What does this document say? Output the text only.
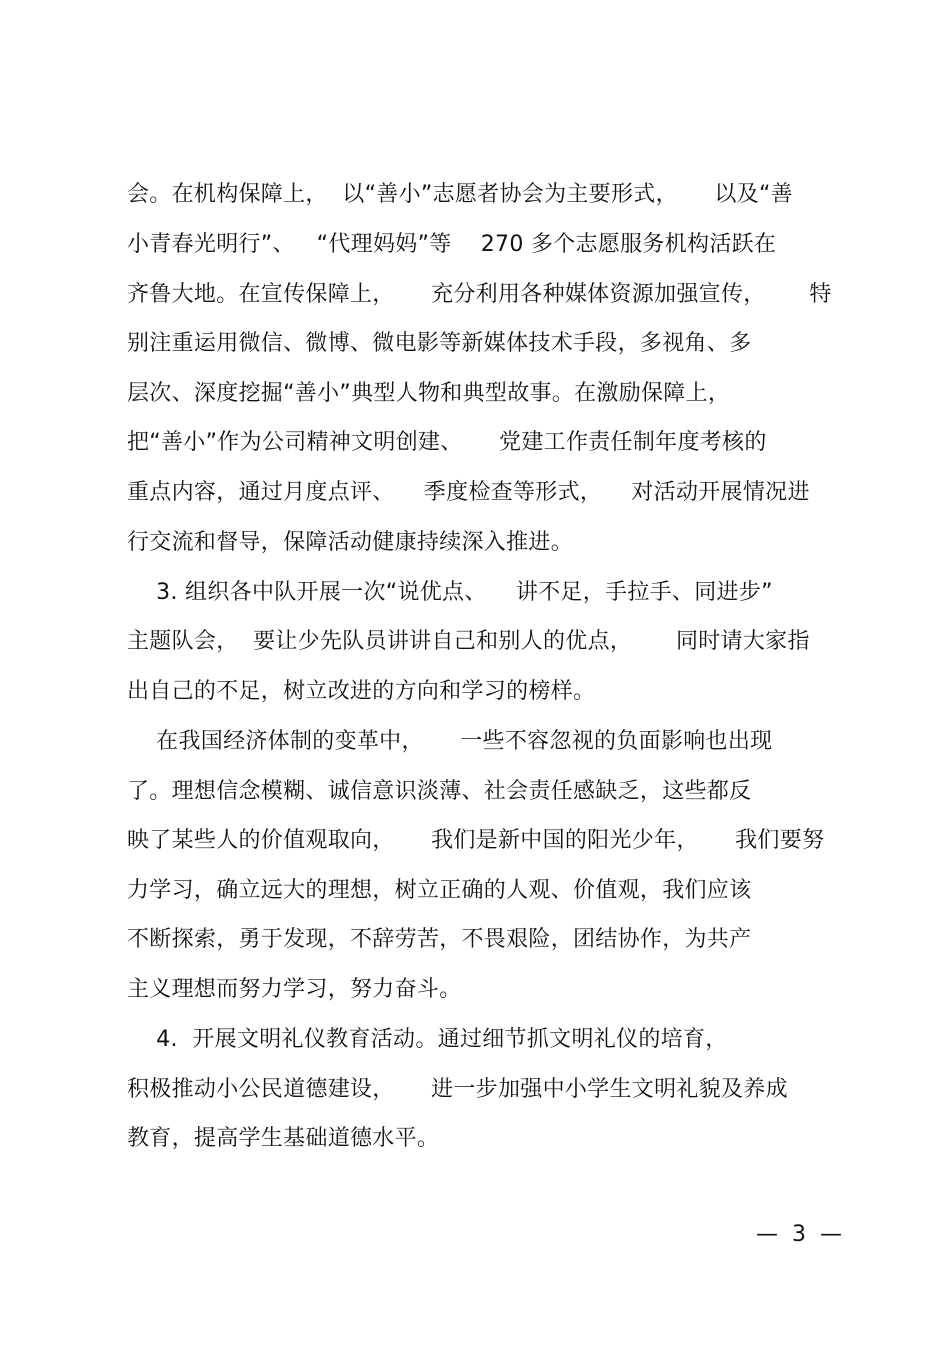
会。在机构保障上，  以“善小”志愿者协会为主要形式，     以及“善
小青春光明行”、   “代理妈妈”等    270 多个志愿服务机构活跃在
齐鲁大地。在宣传保障上，     充分利用各种媒体资源加强宣传，      特
别注重运用微信、微博、微电影等新媒体技术手段，多视角、多
层次、深度挖掘“善小”典型人物和典型故事。在激励保障上，
把“善小”作为公司精神文明创建、     党建工作责任制年度考核的
重点内容，通过月度点评、    季度检查等形式，    对活动开展情况进
行交流和督导，保障活动健康持续深入推进。
3. 组织各中队开展一次“说优点、    讲不足，手拉手、同进步”
主题队会，  要让少先队员讲讲自己和别人的优点，      同时请大家指
出自己的不足，树立改进的方向和学习的榜样。
在我国经济体制的变革中，     一些不容忽视的负面影响也出现
了。理想信念模糊、诚信意识淡薄、社会责任感缺乏，这些都反
映了某些人的价值观取向，     我们是新中国的阳光少年，     我们要努
力学习，确立远大的理想，树立正确的人观、价值观，我们应该
不断探索，勇于发现，不辞劳苦，不畏艰险，团结协作，为共产
主义理想而努力学习，努力奋斗。
4.  开展文明礼仪教育活动。通过细节抓文明礼仪的培育，
积极推动小公民道德建设，     进一步加强中小学生文明礼貌及养成
教育，提高学生基础道德水平。
—  3  —
